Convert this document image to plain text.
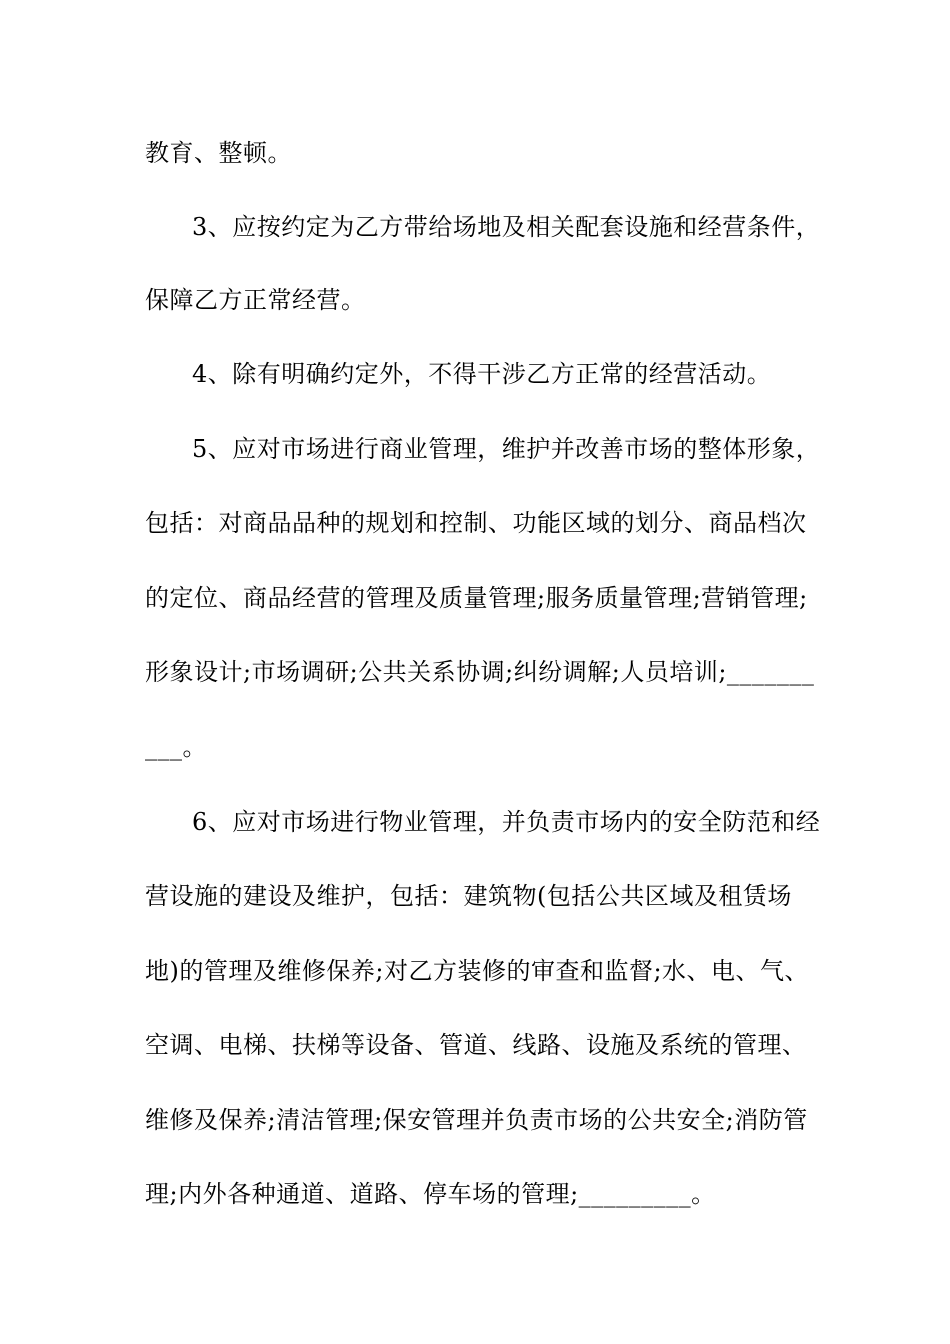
教育、整顿。
3、应按约定为乙方带给场地及相关配套设施和经营条件，
保障乙方正常经营。
4、除有明确约定外，不得干涉乙方正常的经营活动。
5、应对市场进行商业管理，维护并改善市场的整体形象，
包括：对商品品种的规划和控制、功能区域的划分、商品档次
的定位、商品经营的管理及质量管理;服务质量管理;营销管理;
形象设计;市场调研;公共关系协调;纠纷调解;人员培训;_______
___。
6、应对市场进行物业管理，并负责市场内的安全防范和经
营设施的建设及维护，包括：建筑物(包括公共区域及租赁场
地)的管理及维修保养;对乙方装修的审查和监督;水、电、气、
空调、电梯、扶梯等设备、管道、线路、设施及系统的管理、
维修及保养;清洁管理;保安管理并负责市场的公共安全;消防管
理;内外各种通道、道路、停车场的管理;_________。
